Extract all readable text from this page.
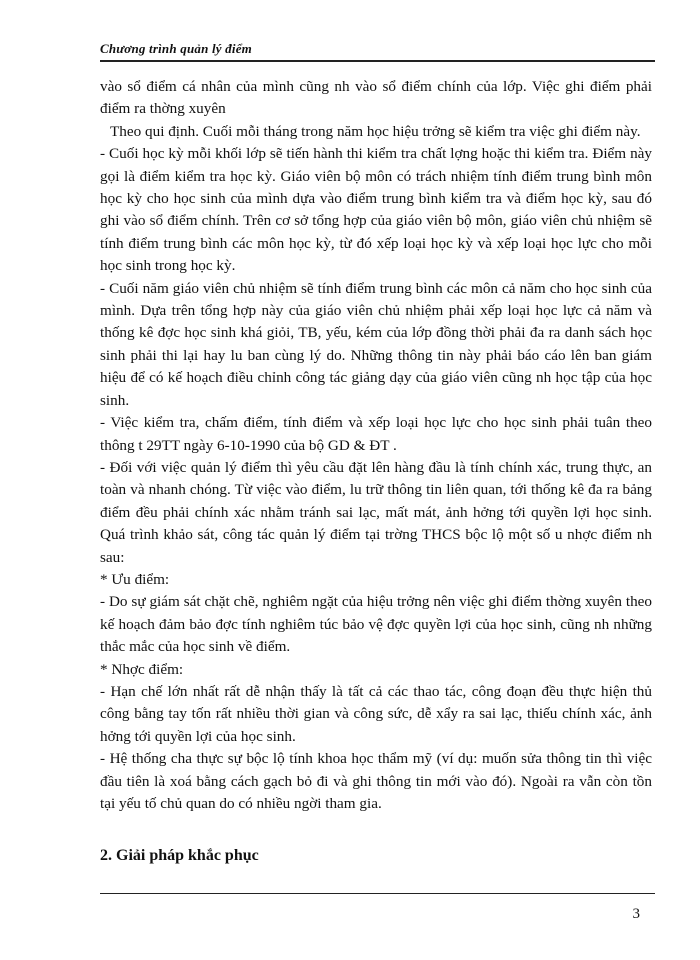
Chương trình quản lý điểm

vào sổ điểm cá nhân của mình cũng nh vào sổ điểm chính của lớp. Việc ghi điểm phải điểm ra thờng xuyên

Theo qui định. Cuối mỗi tháng trong năm học hiệu trởng sẽ kiểm tra việc ghi điểm này.

- Cuối học kỳ mỗi khối lớp sẽ tiến hành thi kiểm tra chất lợng hoặc thi kiểm tra. Điểm này gọi là điểm kiểm tra học kỳ. Giáo viên bộ môn có trách nhiệm tính điểm trung bình môn học kỳ cho học sinh của mình dựa vào điểm trung bình kiểm tra và điểm học kỳ, sau đó ghi vào sổ điểm chính. Trên cơ sở tổng hợp của giáo viên bộ môn, giáo viên chủ nhiệm sẽ tính điểm trung bình các môn học kỳ, từ đó xếp loại học kỳ và xếp loại học lực cho mỗi học sinh trong học kỳ.

- Cuối năm giáo viên chủ nhiệm sẽ tính điểm trung bình các môn cả năm cho học sinh của mình. Dựa trên tổng hợp này của giáo viên chủ nhiệm phải xếp loại học lực cả năm và thống kê đợc học sinh khá giỏi, TB, yếu, kém của lớp đồng thời phải đa ra danh sách học sinh phải thi lại hay lu ban cùng lý do. Những thông tin này phải báo cáo lên ban giám hiệu để có kế hoạch điều chỉnh công tác giảng dạy của giáo viên cũng nh học tập của học sinh.

- Việc kiểm tra, chấm điểm, tính điểm và xếp loại học lực cho học sinh phải tuân theo thông t 29TT ngày 6-10-1990 của bộ GD & ĐT .

- Đối với việc quản lý điểm thì yêu cầu đặt lên hàng đầu là tính chính xác, trung thực, an toàn và nhanh chóng. Từ việc vào điểm, lu trữ thông tin liên quan, tới thống kê đa ra bảng điểm đều phải chính xác nhằm tránh sai lạc, mất mát, ảnh hởng tới quyền lợi học sinh. Quá trình khảo sát, công tác quản lý điểm tại trờng THCS bộc lộ một số u nhợc điểm nh sau:

* Ưu điểm:

- Do sự giám sát chặt chẽ, nghiêm ngặt của hiệu trởng nên việc ghi điểm thờng xuyên theo kế hoạch đảm bảo đợc tính nghiêm túc bảo vệ đợc quyền lợi của học sinh, cũng nh những thắc mắc của học sinh về điểm.

* Nhợc điểm:

- Hạn chế lớn nhất rất dễ nhận thấy là tất cả các thao tác, công đoạn đều thực hiện thủ công bằng tay tốn rất nhiều thời gian và công sức, dễ xẩy ra sai lạc, thiếu chính xác, ảnh hởng tới quyền lợi của học sinh.

- Hệ thống cha thực sự bộc lộ tính khoa học thẩm mỹ (ví dụ: muốn sửa thông tin thì việc đầu tiên là xoá bằng cách gạch bỏ đi và ghi thông tin mới vào đó). Ngoài ra vẫn còn tồn tại yếu tố chủ quan do có nhiều ngời tham gia.

2. Giải pháp khắc phục
3
